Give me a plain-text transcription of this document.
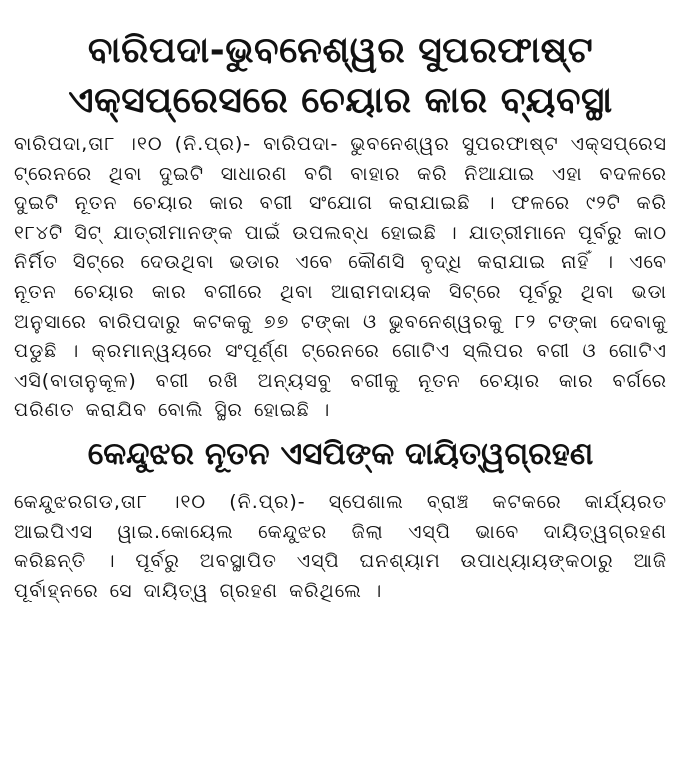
ବାରିପଦା-ଭୁବନେଶ୍ୱର ସୁପରଫାଷ୍ଟ
ଏକ୍ସପ୍ରେସରେ ଚେୟାର କାର ବ୍ୟବସ୍ଥା

ବାରିପଦା,ତା୮ ।୧୦ (ନି.ପ୍ର)- ବାରିପଦା- ଭୁବନେଶ୍ୱର ସୁପରଫାଷ୍ଟ ଏକ୍ସପ୍ରେସ ଟ୍ରେନରେ ଥିବା ଦୁଇଟି ସାଧାରଣ ବଗି ବାହାର କରି ନିଆଯାଇ ଏହା ବଦଳରେ ଦୁଇଟି ନୂତନ ଚେୟାର କାର ବଗୀ ସଂଯୋଗ କରାଯାଇଛି । ଫଳରେ ୯୨ଟି କରି ୧୮୪ଟି ସିଟ୍ ଯାତ୍ରୀମାନଙ୍କ ପାଇଁ ଉପଲବ୍ଧ ହୋଇଛି । ଯାତ୍ରୀମାନେ ପୂର୍ବରୁ କାଠ ନିର୍ମିତ ସିଟ୍‌ରେ ଦେଉଥିବା ଭଡାର ଏବେ କୌଣସି ବୃଦ୍ଧି କରାଯାଇ ନାହିଁ । ଏବେ ନୂତନ ଚେୟାର କାର ବଗୀରେ ଥିବା ଆରାମଦାୟକ ସିଟ୍‌ରେ ପୂର୍ବରୁ ଥିବା ଭଡା ଅନୁସାରେ ବାରିପଦାରୁ କଟକକୁ ୭୭ ଟଙ୍କା ଓ ଭୁବନେଶ୍ୱରକୁ ୮୨ ଟଙ୍କା ଦେବାକୁ ପଡୁଛି । କ୍ରମାନ୍ୱୟରେ ସଂପୂର୍ଣ୍ଣ ଟ୍ରେନରେ ଗୋଟିଏ ସ୍ଲିପର ବଗୀ ଓ ଗୋଟିଏ ଏସି(ବାତାନୁକୂଳ) ବଗୀ ରଖି ଅନ୍ୟସବୁ ବଗୀକୁ ନୂତନ ଚେୟାର କାର ବର୍ଗରେ ପରିଣତ କରାଯିବ ବୋଲି ସ୍ଥିର ହୋଇଛି ।

କେନ୍ଦୁଝର ନୂତନ ଏସପିଙ୍କ ଦାୟିତ୍ୱଗ୍ରହଣ

କେନ୍ଦୁଝରଗଡ,ତା୮ ।୧୦ (ନି.ପ୍ର)- ସ୍ପେଶାଲ ବ୍ରାଞ୍ଚ କଟକରେ କାର୍ଯ୍ୟରତ ଆଇପିଏସ ୱାଇ.କୋୟେଲ କେନ୍ଦୁଝର ଜିଲା ଏସ୍‌ପି ଭାବେ ଦାୟିତ୍ୱଗ୍ରହଣ କରିଛନ୍ତି । ପୂର୍ବରୁ ଅବସ୍ଥାପିତ ଏସ୍‌ପି ଘନଶ୍ୟାମ ଉପାଧ୍ୟାୟଙ୍କଠାରୁ ଆଜି ପୂର୍ବାହ୍ନରେ ସେ ଦାୟିତ୍ୱ ଗ୍ରହଣ କରିଥିଲେ ।
